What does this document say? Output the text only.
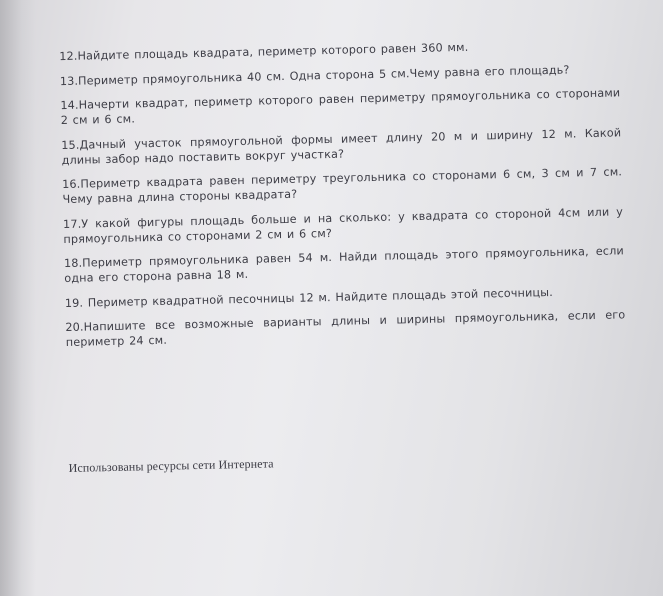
12.Найдите площадь квадрата, периметр которого равен 360 мм.

13.Периметр прямоугольника 40 см. Одна сторона 5 см.Чему равна его площадь?

14.Начерти квадрат, периметр которого равен периметру прямоугольника со сторонами 2 см и 6 см.

15.Дачный участок прямоугольной формы имеет длину 20 м и ширину 12 м. Какой длины забор надо поставить вокруг участка?

16.Периметр квадрата равен периметру треугольника со сторонами 6 см, 3 см и 7 см. Чему равна длина стороны квадрата?

17.У какой фигуры площадь больше и на сколько: у квадрата со стороной 4см или у прямоугольника со сторонами 2 см и 6 см?

18.Периметр прямоугольника равен 54 м. Найди площадь этого прямоугольника, если одна его сторона равна 18 м.

19. Периметр квадратной песочницы 12 м. Найдите площадь этой песочницы.

20.Напишите все возможные варианты длины и ширины прямоугольника, если его периметр 24 см.

Использованы ресурсы сети Интернета
